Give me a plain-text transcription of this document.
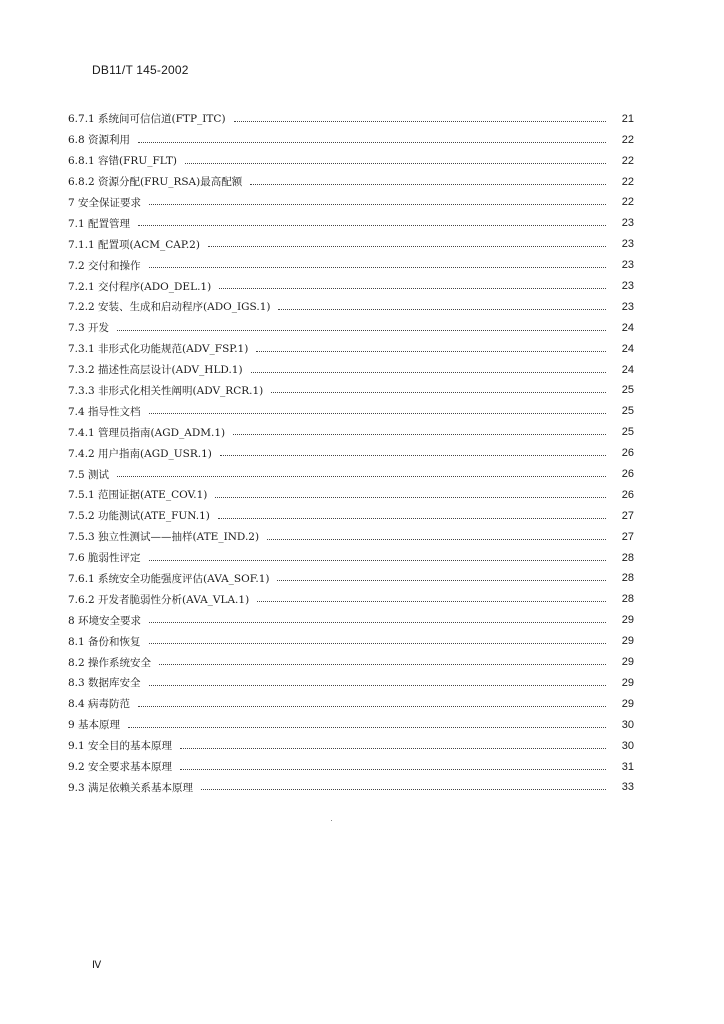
DB11/T 145-2002
6.7.1 系统间可信信道(FTP_ITC)	21
6.8 资源利用	22
6.8.1 容错(FRU_FLT)	22
6.8.2 资源分配(FRU_RSA)最高配额	22
7 安全保证要求	22
7.1 配置管理	23
7.1.1 配置项(ACM_CAP.2)	23
7.2 交付和操作	23
7.2.1 交付程序(ADO_DEL.1)	23
7.2.2 安装、生成和启动程序(ADO_IGS.1)	23
7.3 开发	24
7.3.1 非形式化功能规范(ADV_FSP.1)	24
7.3.2 描述性高层设计(ADV_HLD.1)	24
7.3.3 非形式化相关性阐明(ADV_RCR.1)	25
7.4 指导性文档	25
7.4.1 管理员指南(AGD_ADM.1)	25
7.4.2 用户指南(AGD_USR.1)	26
7.5 测试	26
7.5.1 范围证据(ATE_COV.1)	26
7.5.2 功能测试(ATE_FUN.1)	27
7.5.3 独立性测试——抽样(ATE_IND.2)	27
7.6 脆弱性评定	28
7.6.1 系统安全功能强度评估(AVA_SOF.1)	28
7.6.2 开发者脆弱性分析(AVA_VLA.1)	28
8 环境安全要求	29
8.1 备份和恢复	29
8.2 操作系统安全	29
8.3 数据库安全	29
8.4 病毒防范	29
9 基本原理	30
9.1 安全目的基本原理	30
9.2 安全要求基本原理	31
9.3 满足依赖关系基本原理	33
Ⅳ
